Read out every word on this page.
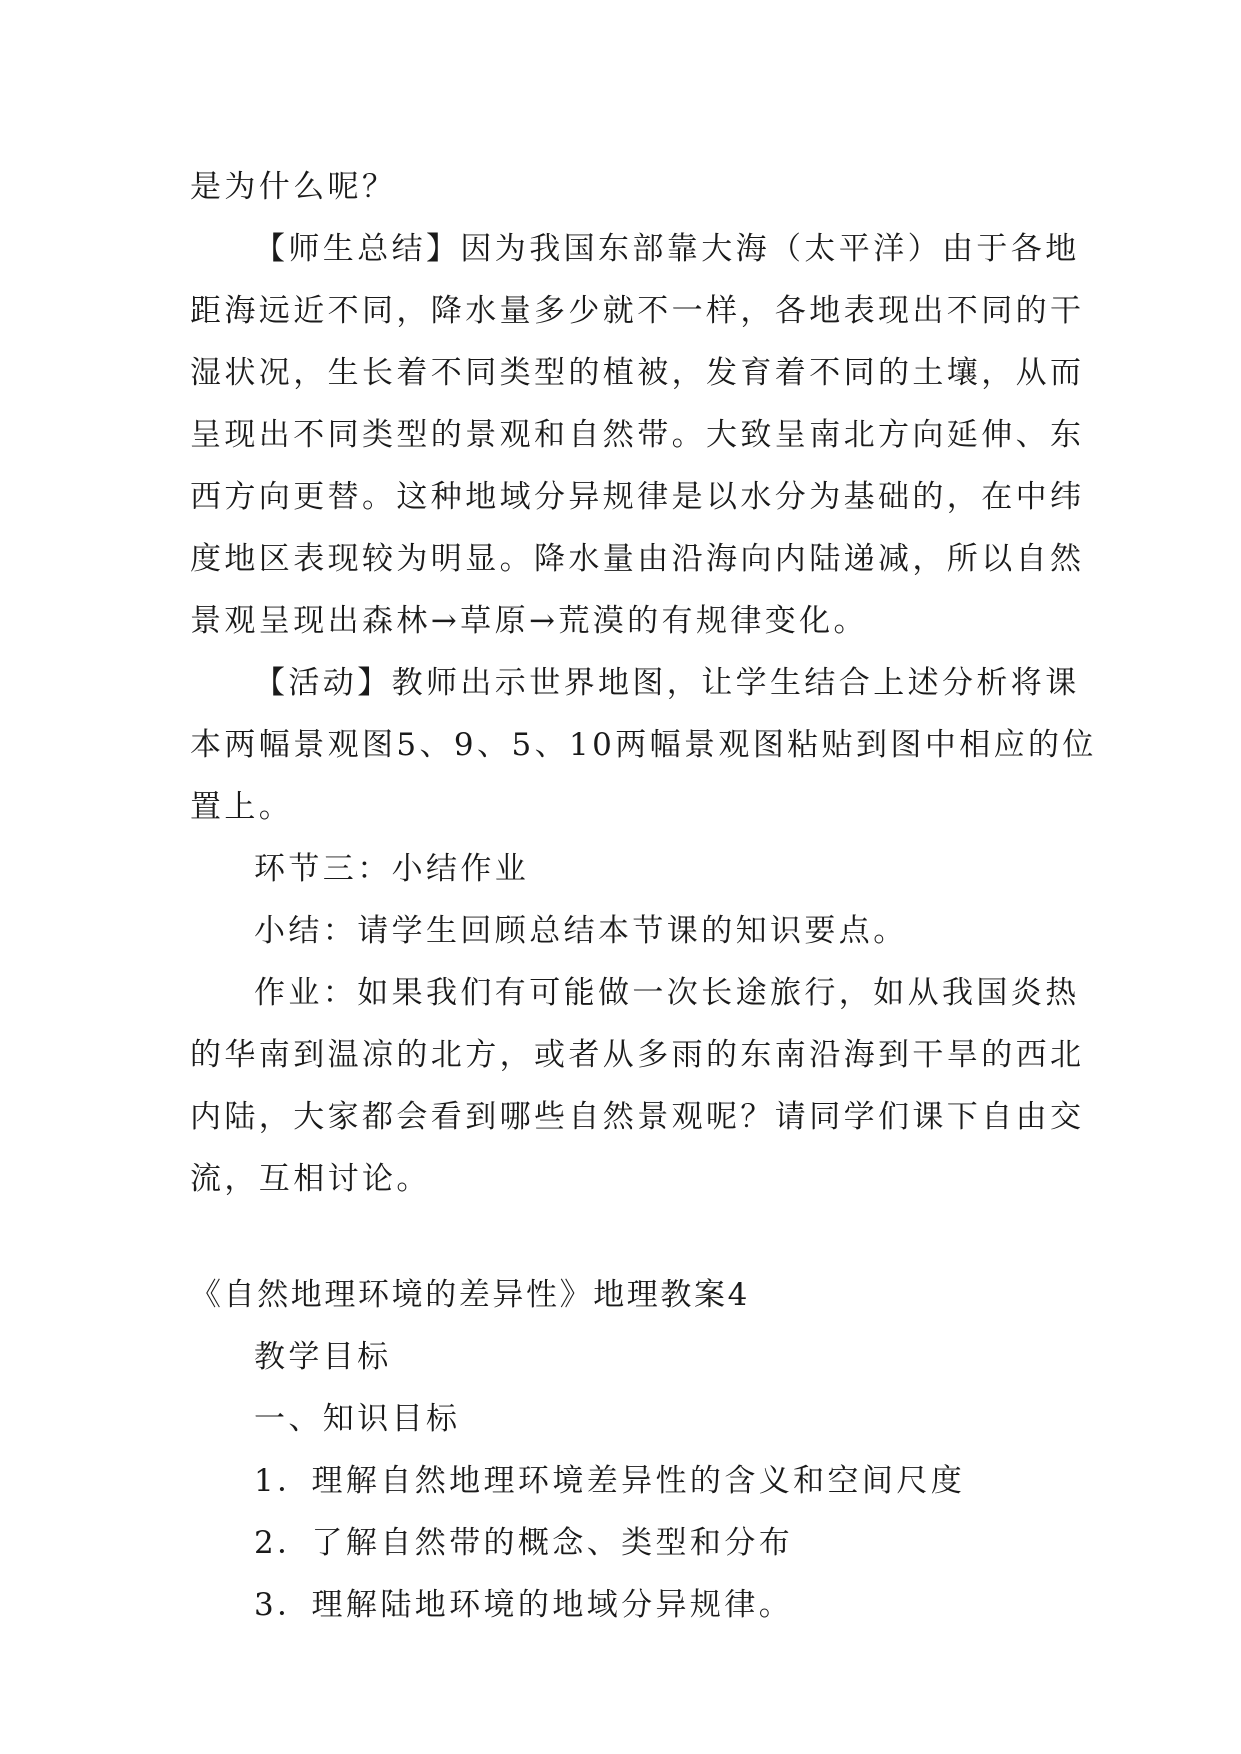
是为什么呢？
【师生总结】因为我国东部靠大海（太平洋）由于各地
距海远近不同，降水量多少就不一样，各地表现出不同的干
湿状况，生长着不同类型的植被，发育着不同的土壤，从而
呈现出不同类型的景观和自然带。大致呈南北方向延伸、东
西方向更替。这种地域分异规律是以水分为基础的，在中纬
度地区表现较为明显。降水量由沿海向内陆递减，所以自然
景观呈现出森林→草原→荒漠的有规律变化。
【活动】教师出示世界地图，让学生结合上述分析将课
本两幅景观图5、9、5、10两幅景观图粘贴到图中相应的位
置上。
环节三：小结作业
小结：请学生回顾总结本节课的知识要点。
作业：如果我们有可能做一次长途旅行，如从我国炎热
的华南到温凉的北方，或者从多雨的东南沿海到干旱的西北
内陆，大家都会看到哪些自然景观呢？请同学们课下自由交
流，互相讨论。
《自然地理环境的差异性》地理教案4
教学目标
一、知识目标
1．理解自然地理环境差异性的含义和空间尺度
2．了解自然带的概念、类型和分布
3．理解陆地环境的地域分异规律。
